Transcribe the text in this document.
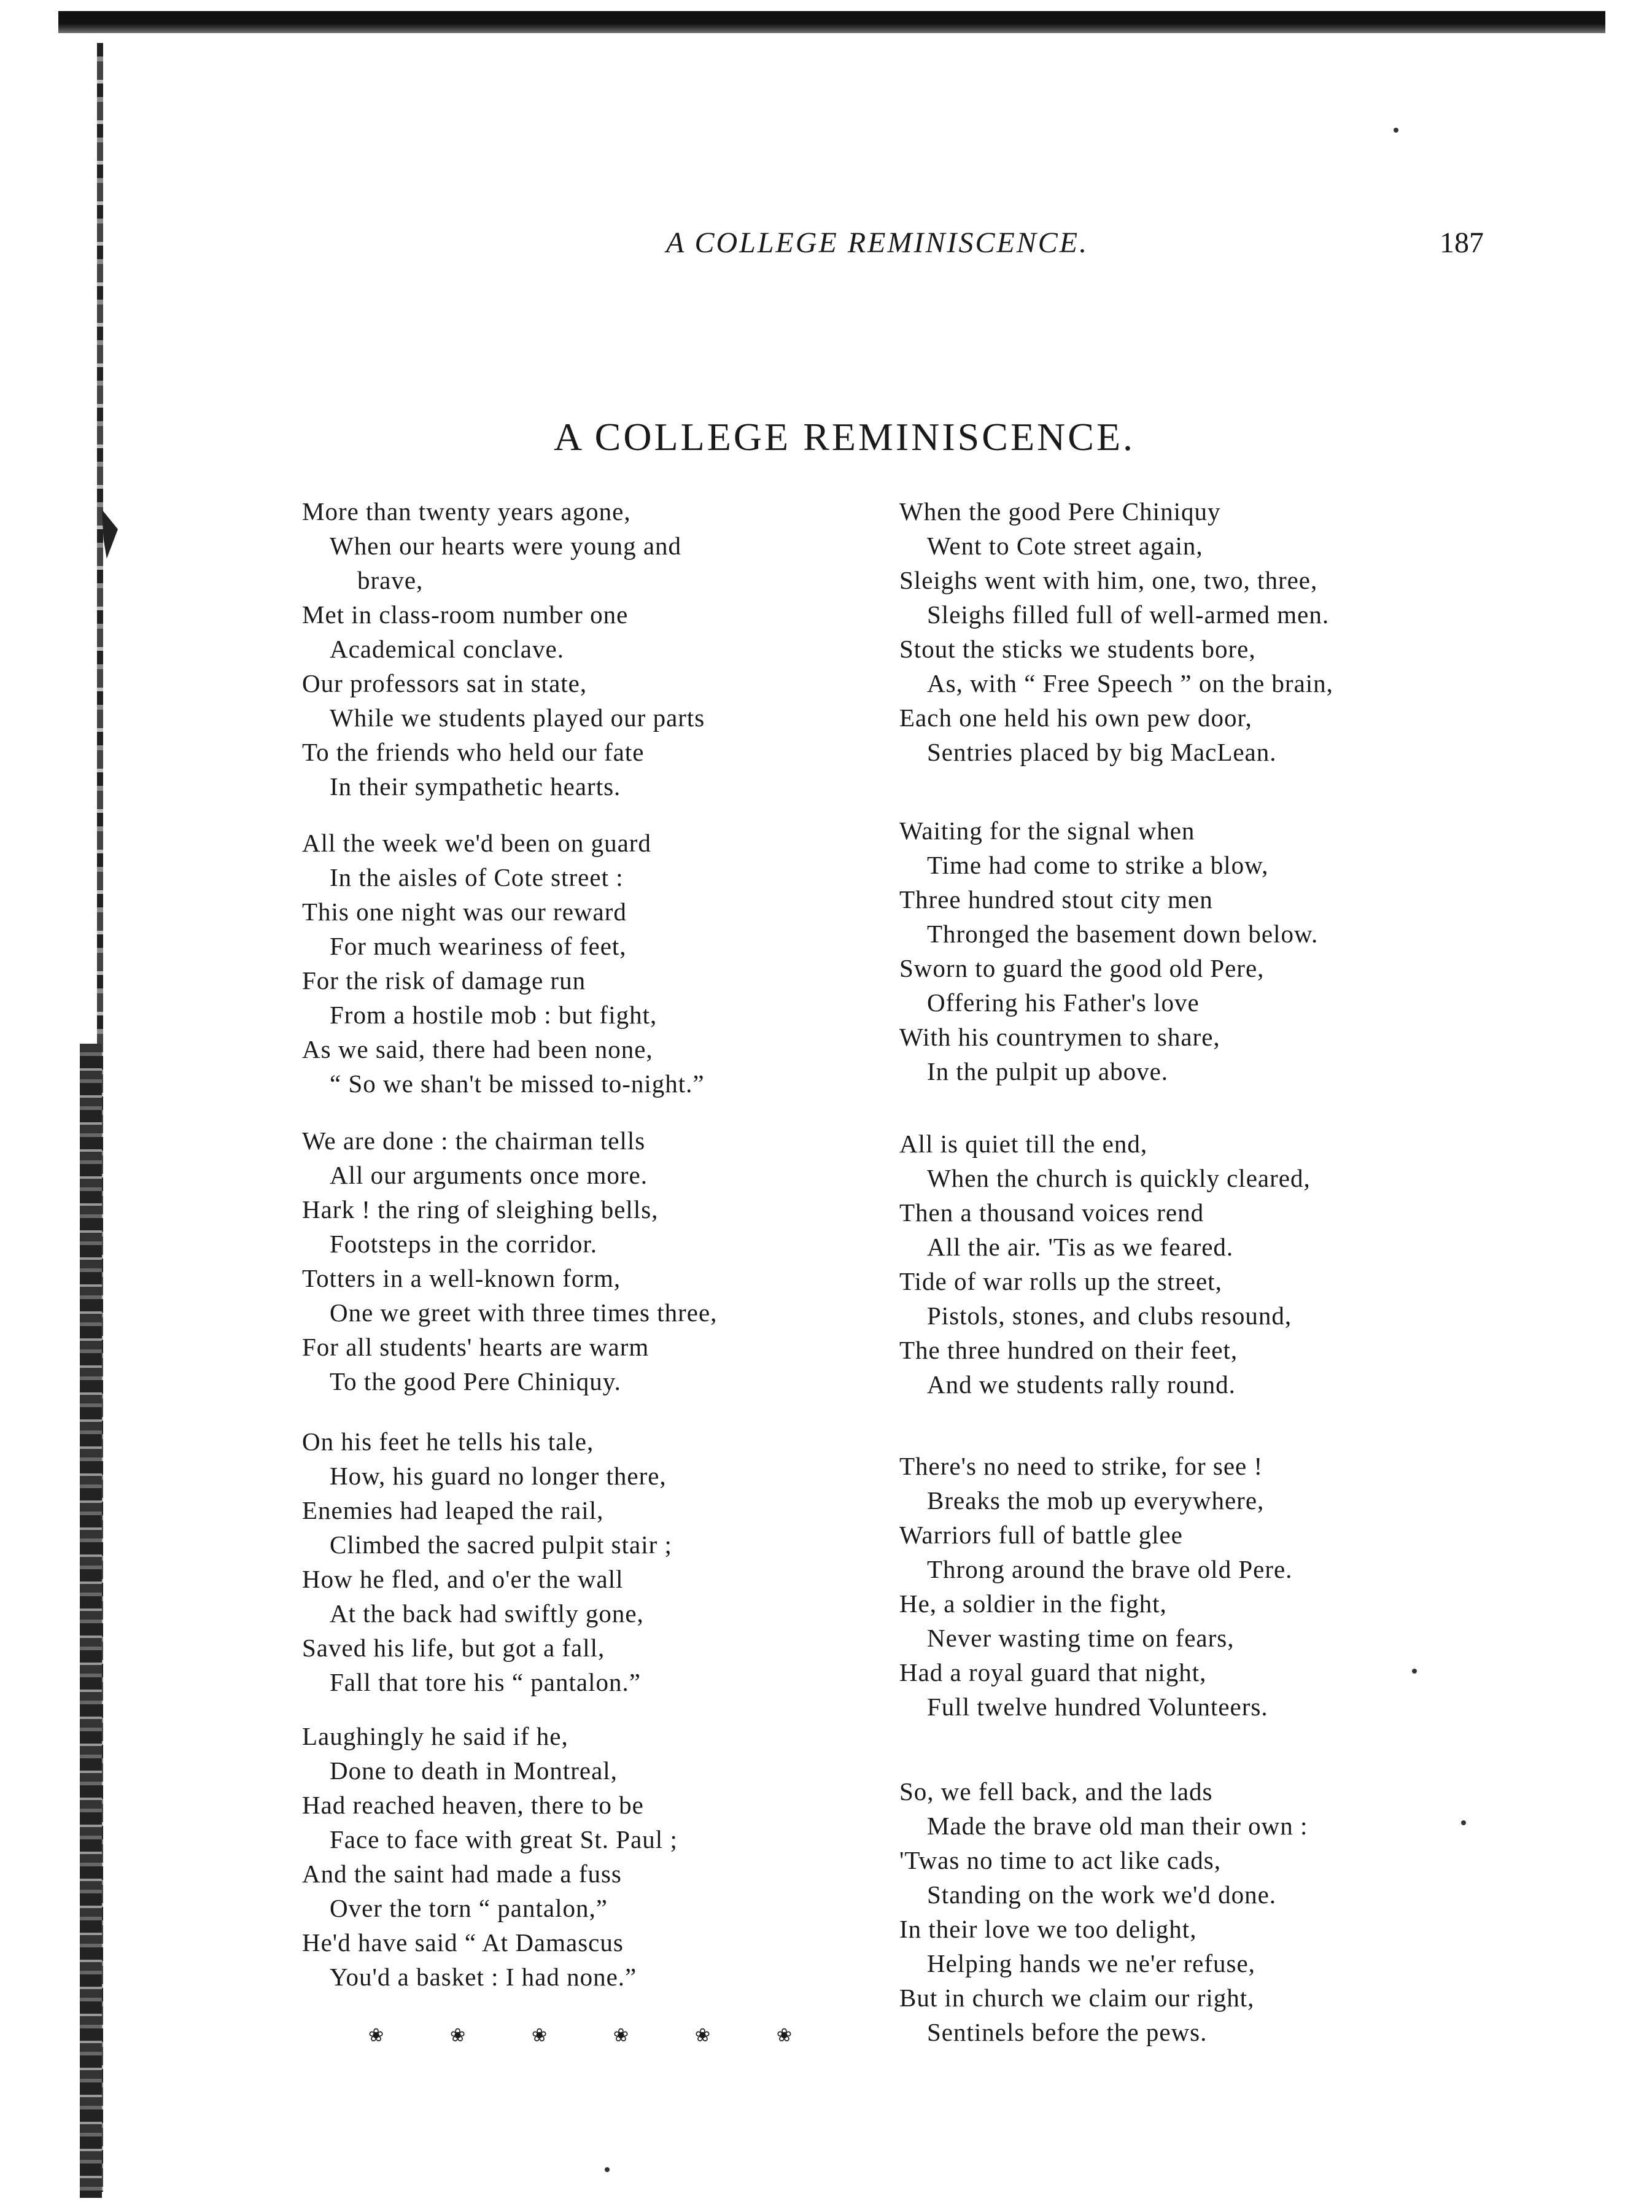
A COLLEGE REMINISCENCE.	187
A COLLEGE REMINISCENCE.
More than twenty years agone,
When our hearts were young and
brave,
Met in class-room number one
Academical conclave.
Our professors sat in state,
While we students played our parts
To the friends who held our fate
In their sympathetic hearts.
All the week we'd been on guard
In the aisles of Cote street :
This one night was our reward
For much weariness of feet,
For the risk of damage run
From a hostile mob : but fight,
As we said, there had been none,
“ So we shan't be missed to-night.”
We are done : the chairman tells
All our arguments once more.
Hark ! the ring of sleighing bells,
Footsteps in the corridor.
Totters in a well-known form,
One we greet with three times three,
For all students' hearts are warm
To the good Pere Chiniquy.
On his feet he tells his tale,
How, his guard no longer there,
Enemies had leaped the rail,
Climbed the sacred pulpit stair ;
How he fled, and o'er the wall
At the back had swiftly gone,
Saved his life, but got a fall,
Fall that tore his “ pantalon.”
Laughingly he said if he,
Done to death in Montreal,
Had reached heaven, there to be
Face to face with great St. Paul ;
And the saint had made a fuss
Over the torn “ pantalon,”
He'd have said “ At Damascus
You'd a basket : I had none.”
When the good Pere Chiniquy
Went to Cote street again,
Sleighs went with him, one, two, three,
Sleighs filled full of well-armed men.
Stout the sticks we students bore,
As, with “ Free Speech ” on the brain,
Each one held his own pew door,
Sentries placed by big MacLean.
Waiting for the signal when
Time had come to strike a blow,
Three hundred stout city men
Thronged the basement down below.
Sworn to guard the good old Pere,
Offering his Father's love
With his countrymen to share,
In the pulpit up above.
All is quiet till the end,
When the church is quickly cleared,
Then a thousand voices rend
All the air. 'Tis as we feared.
Tide of war rolls up the street,
Pistols, stones, and clubs resound,
The three hundred on their feet,
And we students rally round.
There's no need to strike, for see !
Breaks the mob up everywhere,
Warriors full of battle glee
Throng around the brave old Pere.
He, a soldier in the fight,
Never wasting time on fears,
Had a royal guard that night,
Full twelve hundred Volunteers.
So, we fell back, and the lads
Made the brave old man their own :
'Twas no time to act like cads,
Standing on the work we'd done.
In their love we too delight,
Helping hands we ne'er refuse,
But in church we claim our right,
Sentinels before the pews.
❀	❀	❀	❀	❀	❀
